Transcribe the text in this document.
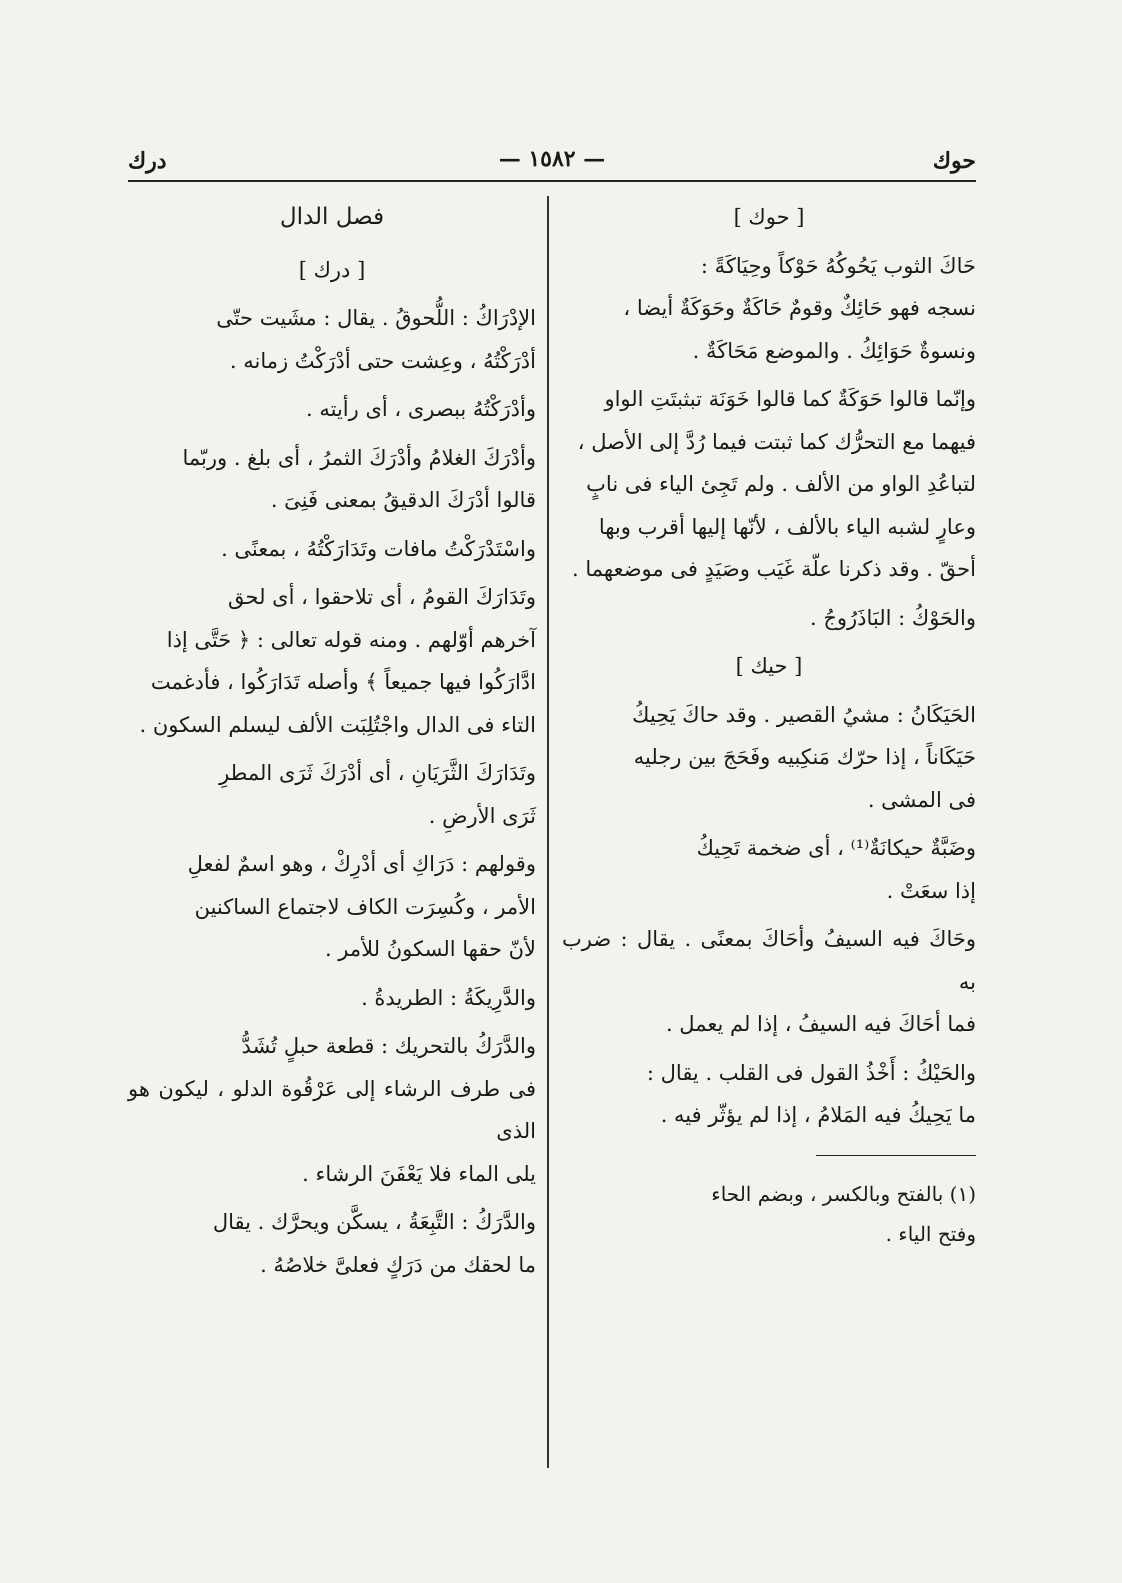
حوك
— ١٥٨٢ —
درك

[ حوك ]

حَاكَ الثوب يَحُوكُهُ حَوْكاً وحِيَاكَةً :
نسجه فهو حَائِكٌ وقومٌ حَاكَةٌ وحَوَكَةٌ أيضا ،
ونسوةٌ حَوَائِكُ . والموضع مَحَاكَةٌ .

وإنّما قالوا حَوَكَةٌ كما قالوا خَوَنَة تبثبتَتِ الواو
فيهما مع التحرُّك كما ثبتت فيما رُدَّ إلى الأصل ،
لتباعُدِ الواو من الألف . ولم تَجِئ الياء فى نابٍ
وعارٍ لشبه الياء بالألف ، لأنّها إليها أقرب وبها
أحقّ . وقد ذكرنا علّة غَيَب وصَيَدٍ فى موضعهما .

والحَوْكُ : البَاذَرُوجُ .

[ حيك ]

الحَيَكَانُ : مشيُ القصير . وقد حاكَ يَحِيكُ
حَيَكَاناً ، إذا حرّك مَنكِبيه وفَحَجَ بين رجليه
فى المشى .

وضَبَّةٌ حيكانَةٌ⁽¹⁾ ، أى ضخمة تَحِيكُ
إذا سعَتْ .

وحَاكَ فيه السيفُ وأحَاكَ بمعنًى . يقال : ضرب به
فما أحَاكَ فيه السيفُ ، إذا لم يعمل .

والحَيْكُ : أَخْذُ القول فى القلب . يقال :
ما يَحِيكُ فيه المَلامُ ، إذا لم يؤثّر فيه .

(١) بالفتح وبالكسر ، وبضم الحاء
وفتح الياء .

فصل الدال

[ درك ]

الإدْرَاكُ : اللُّحوقُ . يقال : مشَيت حتّى
أدْرَكْتُهُ ، وعِشت حتى أدْرَكْتُ زمانه .

وأدْرَكْتُهُ ببصرى ، أى رأيته .

وأدْرَكَ الغلامُ وأدْرَكَ الثمرُ ، أى بلغ . وربّما
قالوا أدْرَكَ الدقيقُ بمعنى فَنِىَ .

واسْتَدْرَكْتُ مافات وتَدَارَكْتُهُ ، بمعنًى .

وتَدَارَكَ القومُ ، أى تلاحقوا ، أى لحق
آخرهم أوّلهم . ومنه قوله تعالى : ﴿ حَتَّى إذا
ادَّارَكُوا فيها جميعاً ﴾ وأصله تَدَارَكُوا ، فأدغمت
التاء فى الدال واجْتُلِبَت الألف ليسلم السكون .

وتَدَارَكَ الثَّرَيَانِ ، أى أدْرَكَ ثَرَى المطرِ
ثَرَى الأرضِ .

وقولهم : دَرَاكِ أى أدْرِكْ ، وهو اسمٌ لفعلِ
الأمر ، وكُسِرَت الكاف لاجتماع الساكنين
لأنّ حقها السكونُ للأمر .

والدَّرِيكَةُ : الطريدةُ .

والدَّرَكُ بالتحريك : قطعة حبلٍ تُشَدُّ
فى طرف الرشاء إلى عَرْقُوة الدلو ، ليكون هو الذى
يلى الماء فلا يَعْفَنَ الرشاء .

والدَّرَكُ : التَّبِعَةُ ، يسكَّن ويحرَّك . يقال
ما لحقك من دَرَكٍ فعلىَّ خلاصُهُ .
